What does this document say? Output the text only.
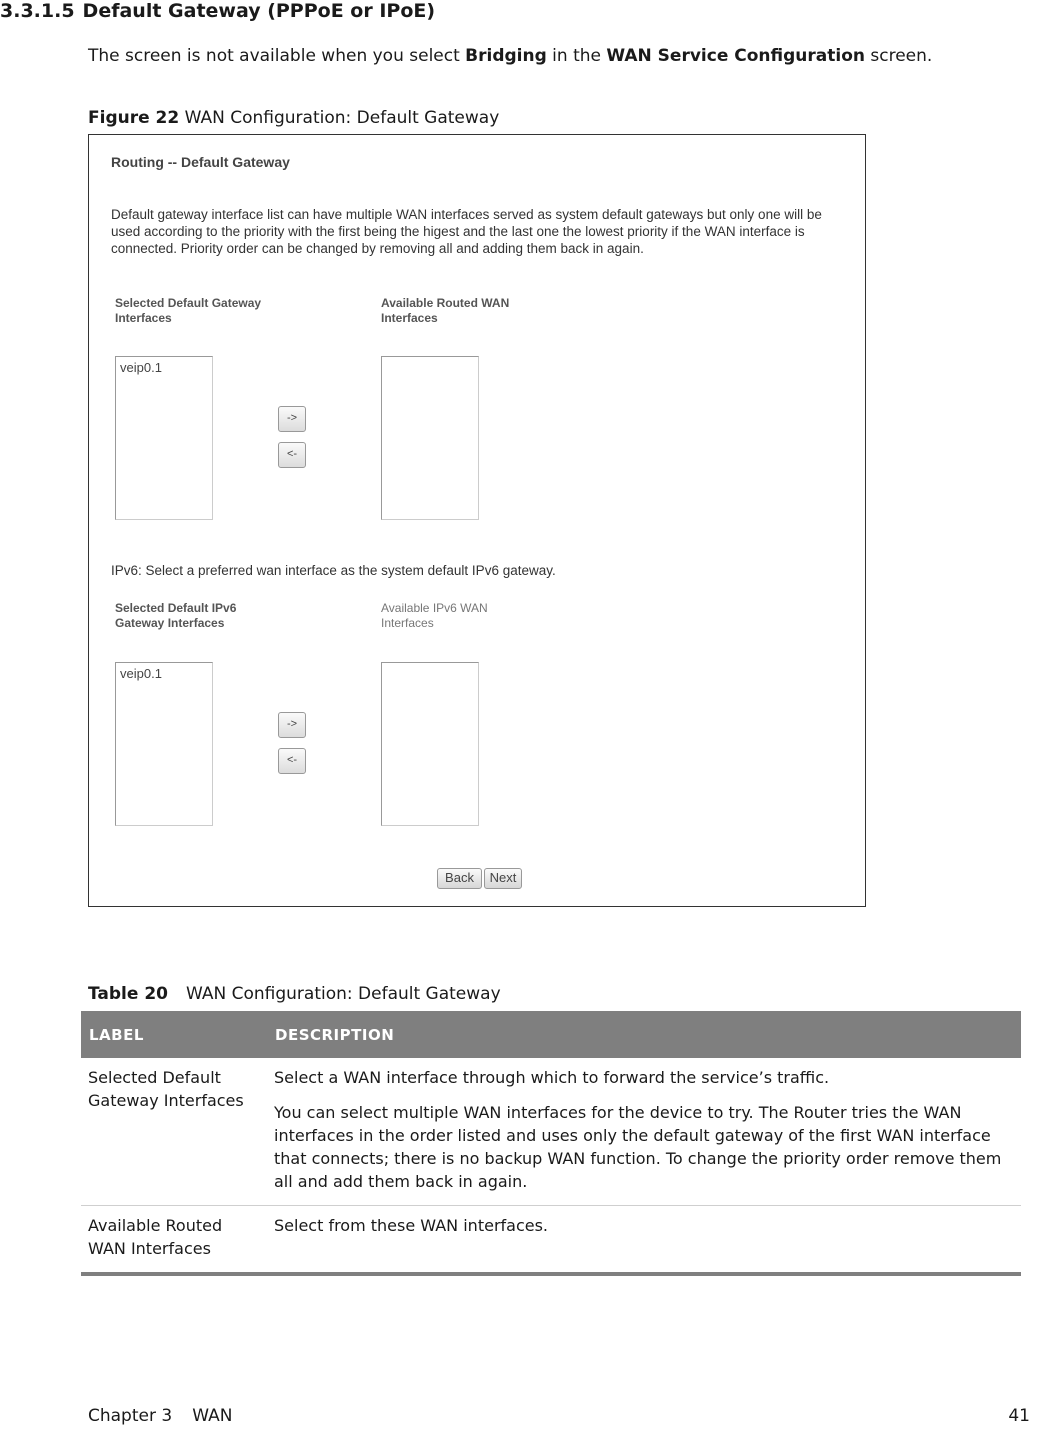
3.3.1.5 Default Gateway (PPPoE or IPoE)

The screen is not available when you select Bridging in the WAN Service Configuration screen.

Figure 22 WAN Configuration: Default Gateway

Routing -- Default Gateway
Default gateway interface list can have multiple WAN interfaces served as system default gateways but only one will be used according to the priority with the first being the higest and the last one the lowest priority if the WAN interface is connected. Priority order can be changed by removing all and adding them back in again.
Selected Default Gateway
Interfaces
Available Routed WAN
Interfaces
veip0.1
->
<-
IPv6: Select a preferred wan interface as the system default IPv6 gateway.
Selected Default IPv6
Gateway Interfaces
Available IPv6 WAN
Interfaces
veip0.1
->
<-
Back	Next

Table 20 WAN Configuration: Default Gateway

LABEL	DESCRIPTION
Selected Default Gateway Interfaces	Select a WAN interface through which to forward the service’s traffic.

You can select multiple WAN interfaces for the device to try. The Router tries the WAN interfaces in the order listed and uses only the default gateway of the first WAN interface that connects; there is no backup WAN function. To change the priority order remove them all and add them back in again.

Available Routed WAN Interfaces	Select from these WAN interfaces.

Chapter 3 WAN	41
